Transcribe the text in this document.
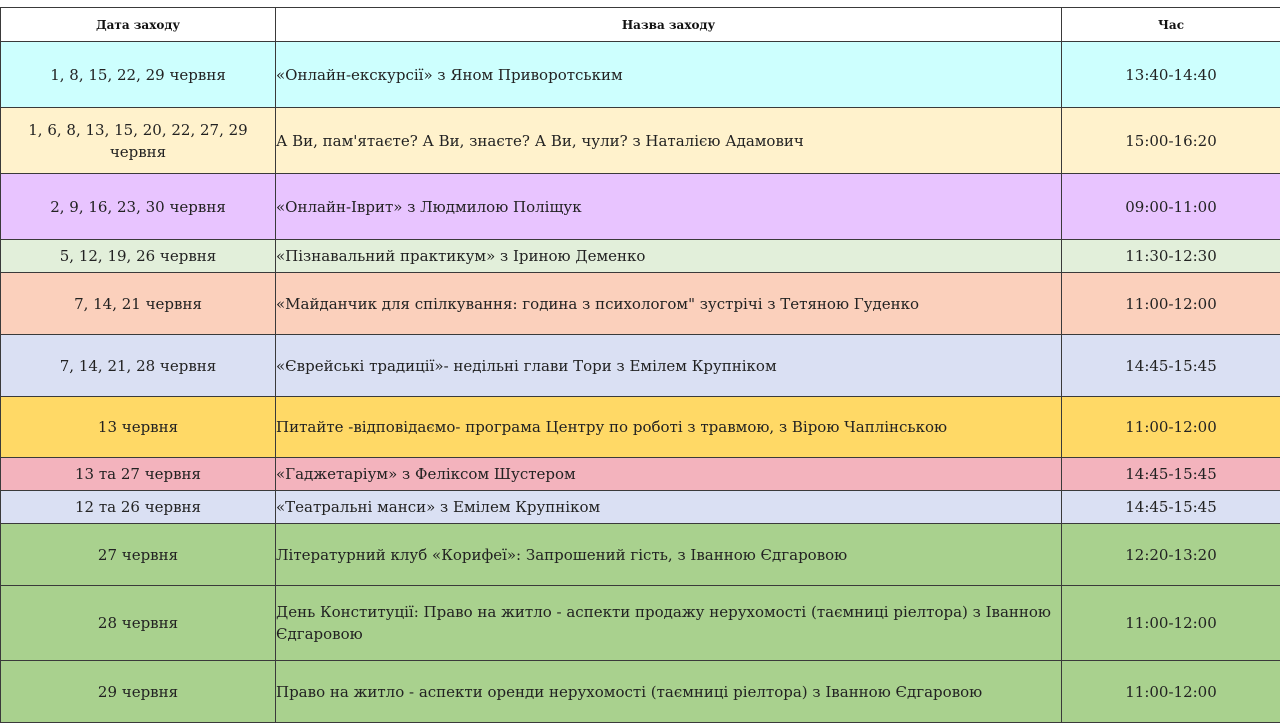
Дата заходу	Назва заходу	Час
1, 8, 15, 22, 29 червня	«Онлайн-екскурсії» з Яном Приворотським	13:40-14:40
1, 6, 8, 13, 15, 20, 22, 27, 29 червня	А Ви, пам'ятаєте? А Ви, знаєте? А Ви, чули? з Наталією Адамович	15:00-16:20
2, 9, 16, 23, 30 червня	«Онлайн-Іврит» з Людмилою Поліщук	09:00-11:00
5, 12, 19, 26 червня	«Пізнавальний практикум» з Іриною Деменко	11:30-12:30
7, 14, 21 червня	«Майданчик для спілкування: година з психологом" зустрічі з Тетяною Гуденко	11:00-12:00
7, 14, 21, 28 червня	«Єврейські традиції»- недільні глави Тори з Емілем Крупніком	14:45-15:45
13 червня	Питайте -відповідаємо- програма Центру по роботі з травмою, з Вірою Чаплінською	11:00-12:00
13 та 27 червня	«Гаджетаріум» з Феліксом Шустером	14:45-15:45
12 та 26 червня	«Театральні манси» з Емілем Крупніком	14:45-15:45
27 червня	Літературний клуб «Корифеї»: Запрошений гість, з Іванною Єдгаровою	12:20-13:20
28 червня	День Конституції: Право на житло - аспекти продажу нерухомості (таємниці ріелтора) з Іванною Єдгаровою	11:00-12:00
29 червня	Право на житло - аспекти оренди нерухомості (таємниці ріелтора) з Іванною Єдгаровою	11:00-12:00
